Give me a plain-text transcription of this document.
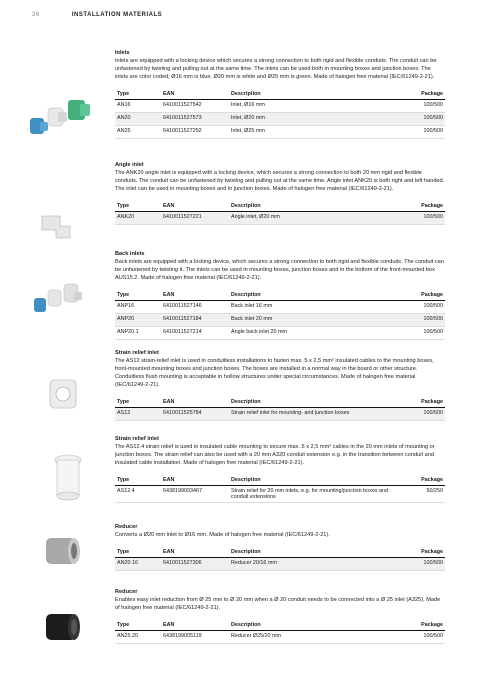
36	INSTALLATION MATERIALS
Inlets
Inlets are equipped with a locking device which secures a strong connection to both rigid and flexible conduits. The conduit can be unfastened by twisting and pulling out at the same time. The inlets can be used both in mounting boxes and junction boxes. The inlets are color coded; Ø16 mm is blue, Ø20 mm is white and Ø25 mm is green. Made of halogen free material (IEC/61249-2-21).
Type	EAN	Description	Package
AN16	6410011527542	Inlet, Ø16 mm	100/500
AN20	6410011527573	Inlet, Ø20 mm	100/500
AN25	6410011527252	Inlet, Ø25 mm	100/500
Angle inlet
The ANK20 angle inlet is equipped with a locking device, which secures a strong connection to both 20 mm rigid and flexible conduits. The conduit can be unfastened by twisting and pulling out at the same time. Angle inlet ANK20 is both right and left handed. The inlet can be used in mounting boxes and in junction boxes. Made of halogen free material (IEC/61249-2-21).
Type	EAN	Description	Package
ANK20	6410011527221	Angle inlet, Ø20 mm	100/500
Back inlets
Back inlets are equipped with a locking device, which secures a strong connection to both rigid and flexible conduits. The conduit can be unfastened by twisting it. The inlets can be used in mounting boxes, junction boxes and in the bottom of the front-mounted box AUS15.2. Made of halogen free material (IEC/61249-2-21).
Type	EAN	Description	Package
ANP16	6410011527146	Back inlet 16 mm	100/500
ANP20	6410011527184	Back inlet 20 mm	100/500
ANP20.1	6410011527214	Angle back inlet 20 mm	100/500
Strain relief inlet
The AS12 strain-relief inlet is used in conduitless installations to fasten max. 5 x 2,5 mm² insulated cables to the mounting boxes, front-mounted mounting boxes and junction boxes. The boxes are installed in a normal way in the board or other structure. Conduitless flush mounting is acceptable in hollow structures under special circumstances. Made of halogen free material (IEC/61249-2-21).
Type	EAN	Description	Package
AS12	6410011525784	Strain relief inlet for mounting- and junction boxes	100/500
Strain relief inlet
The AS12.4 strain relief is used in insulated cable mounting to secure max. 5 x 2,5 mm² cables in the 20 mm inlets of mounting or junction boxes. The strain relief can also be used with a 20 mm A320 conduit extension e.g. in the transition between conduit and insulated cable installation. Made of halogen free material (IEC/61249-2-21).
Type	EAN	Description	Package
AS12.4	6438199003467	Strain relief for 20 mm inlets, e.g. for mounting/junction boxes and conduit extensions	50/250
Reducer
Converts a Ø20 mm inlet to Ø16 mm. Made of halogen free material (IEC/61249-2-21).
Type	EAN	Description	Package
AN20.16	6410011527306	Reducer 20/16 mm	100/500
Reducer
Enables easy inlet reduction from Ø 25 mm to Ø 20 mm when a Ø 20 conduit needs to be connected into a Ø 25 inlet (A325). Made of halogen free material (IEC/61249-2-21).
Type	EAN	Description	Package
AN25.20	6438199005119	Reducer Ø25/20 mm	100/500
